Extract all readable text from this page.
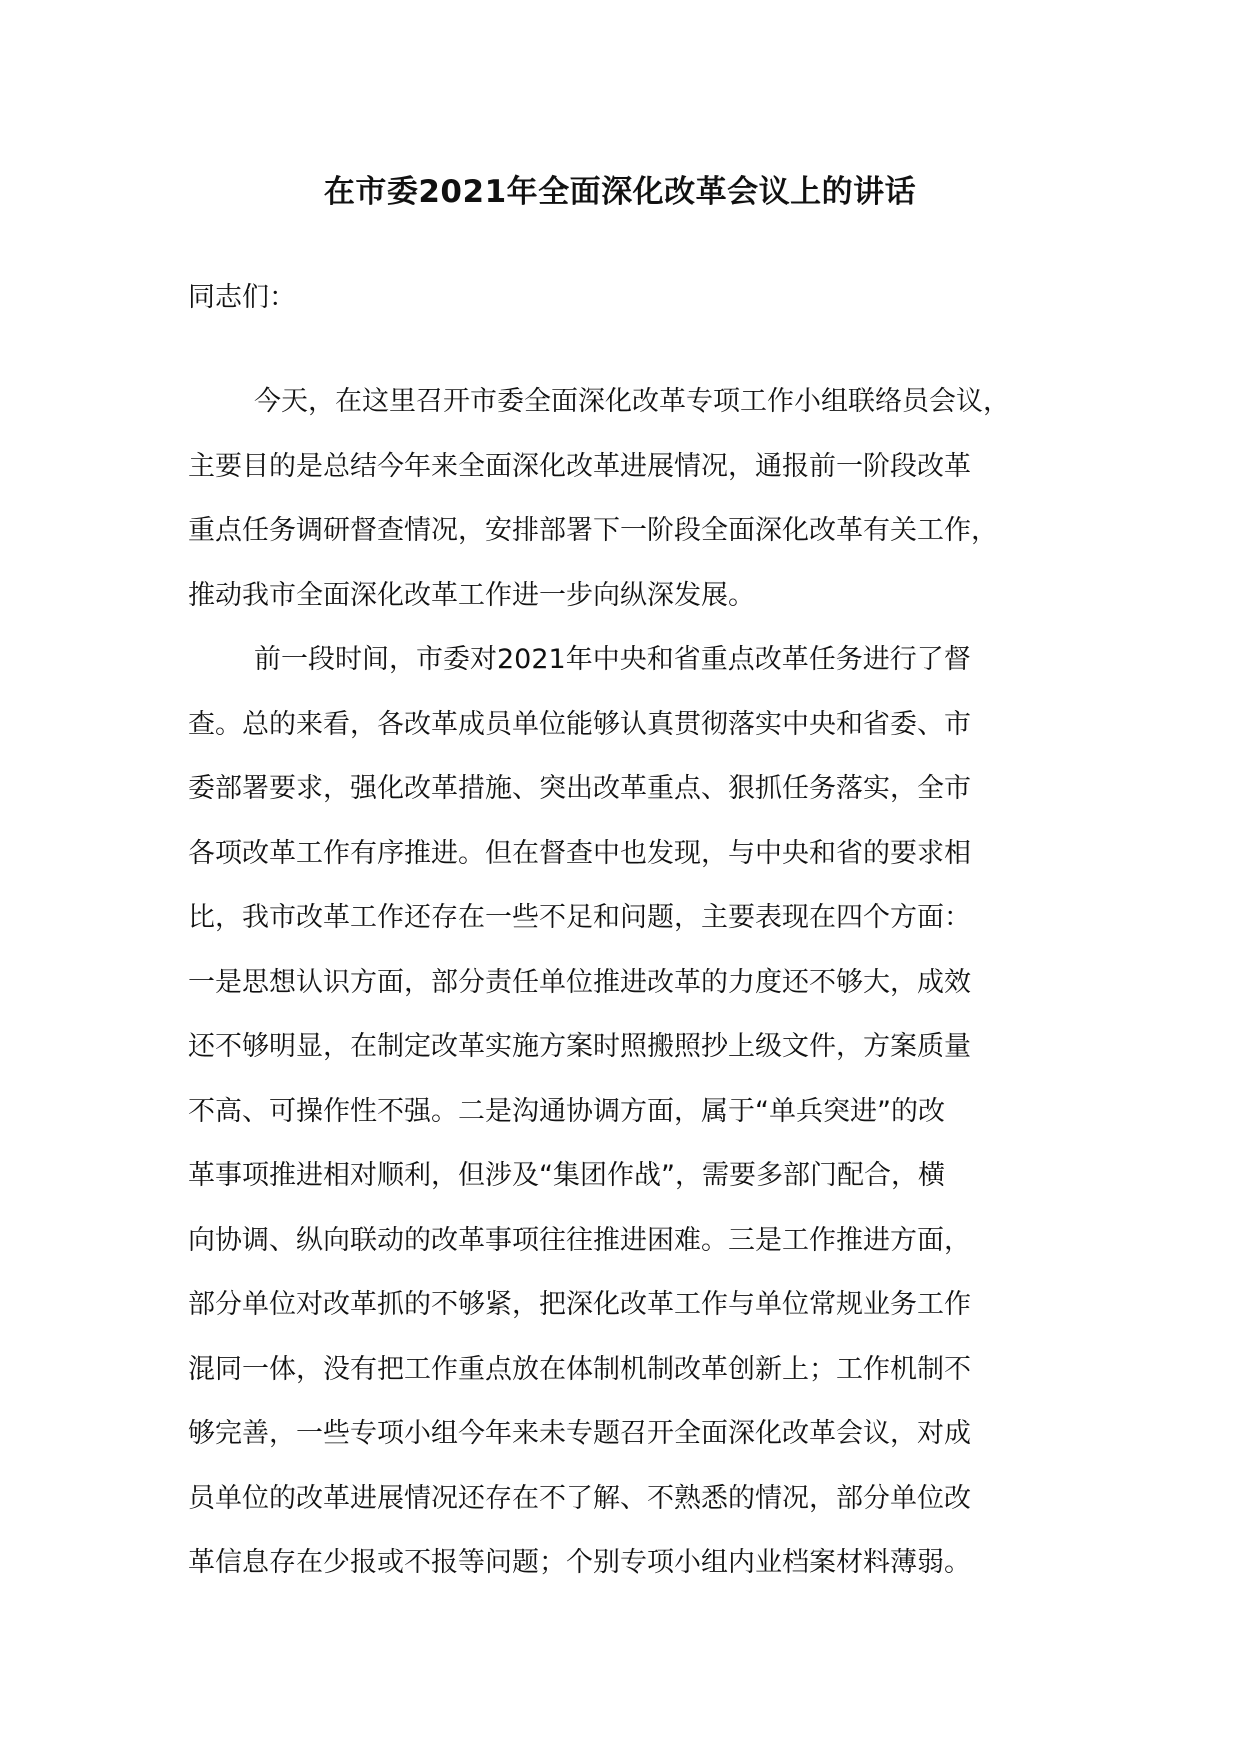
在市委2021年全面深化改革会议上的讲话

同志们：

今天，在这里召开市委全面深化改革专项工作小组联络员会议，
主要目的是总结今年来全面深化改革进展情况，通报前一阶段改革
重点任务调研督查情况，安排部署下一阶段全面深化改革有关工作，
推动我市全面深化改革工作进一步向纵深发展。

前一段时间，市委对2021年中央和省重点改革任务进行了督
查。总的来看，各改革成员单位能够认真贯彻落实中央和省委、市
委部署要求，强化改革措施、突出改革重点、狠抓任务落实，全市
各项改革工作有序推进。但在督查中也发现，与中央和省的要求相
比，我市改革工作还存在一些不足和问题，主要表现在四个方面：
一是思想认识方面，部分责任单位推进改革的力度还不够大，成效
还不够明显，在制定改革实施方案时照搬照抄上级文件，方案质量
不高、可操作性不强。二是沟通协调方面，属于“单兵突进”的改
革事项推进相对顺利，但涉及“集团作战”，需要多部门配合，横
向协调、纵向联动的改革事项往往推进困难。三是工作推进方面，
部分单位对改革抓的不够紧，把深化改革工作与单位常规业务工作
混同一体，没有把工作重点放在体制机制改革创新上；工作机制不
够完善，一些专项小组今年来未专题召开全面深化改革会议，对成
员单位的改革进展情况还存在不了解、不熟悉的情况，部分单位改
革信息存在少报或不报等问题；个别专项小组内业档案材料薄弱。
